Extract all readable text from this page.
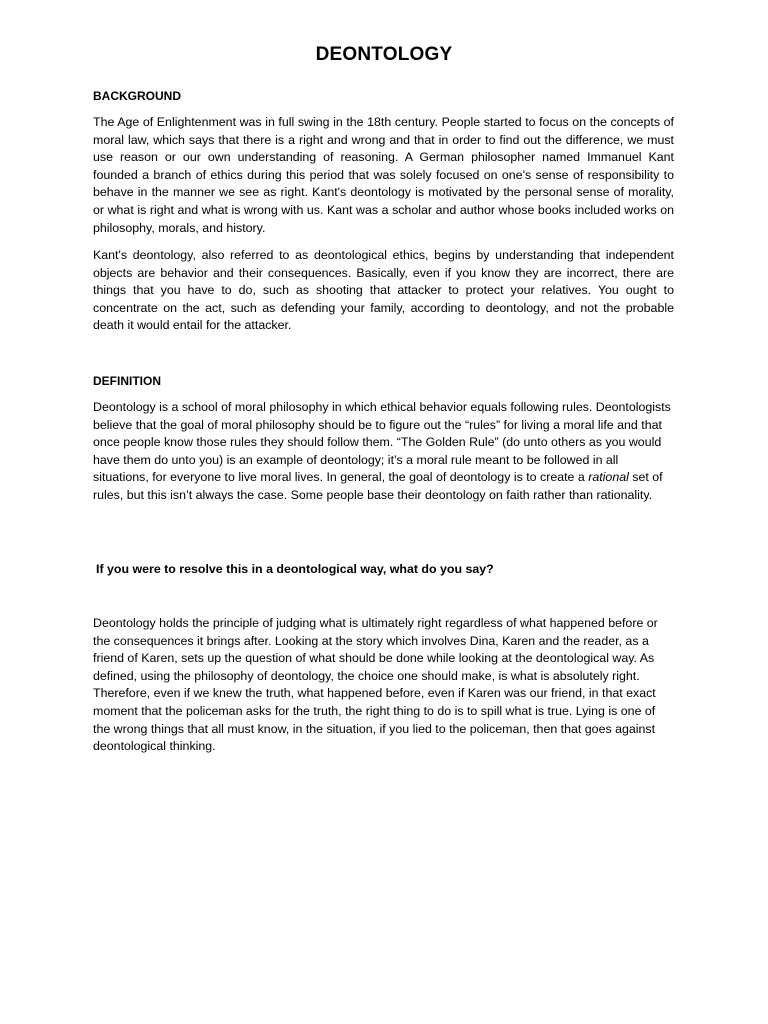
DEONTOLOGY
BACKGROUND

The Age of Enlightenment was in full swing in the 18th century. People started to focus on the concepts of moral law, which says that there is a right and wrong and that in order to find out the difference, we must use reason or our own understanding of reasoning. A German philosopher named Immanuel Kant founded a branch of ethics during this period that was solely focused on one's sense of responsibility to behave in the manner we see as right. Kant's deontology is motivated by the personal sense of morality, or what is right and what is wrong with us. Kant was a scholar and author whose books included works on philosophy, morals, and history.

Kant's deontology, also referred to as deontological ethics, begins by understanding that independent objects are behavior and their consequences. Basically, even if you know they are incorrect, there are things that you have to do, such as shooting that attacker to protect your relatives. You ought to concentrate on the act, such as defending your family, according to deontology, and not the probable death it would entail for the attacker.

DEFINITION

Deontology is a school of moral philosophy in which ethical behavior equals following rules. Deontologists believe that the goal of moral philosophy should be to figure out the “rules” for living a moral life and that once people know those rules they should follow them. “The Golden Rule” (do unto others as you would have them do unto you) is an example of deontology; it’s a moral rule meant to be followed in all situations, for everyone to live moral lives. In general, the goal of deontology is to create a rational set of rules, but this isn’t always the case. Some people base their deontology on faith rather than rationality.

If you were to resolve this in a deontological way, what do you say?

Deontology holds the principle of judging what is ultimately right regardless of what happened before or the consequences it brings after. Looking at the story which involves Dina, Karen and the reader, as a friend of Karen, sets up the question of what should be done while looking at the deontological way. As defined, using the philosophy of deontology, the choice one should make, is what is absolutely right. Therefore, even if we knew the truth, what happened before, even if Karen was our friend, in that exact moment that the policeman asks for the truth, the right thing to do is to spill what is true. Lying is one of the wrong things that all must know, in the situation, if you lied to the policeman, then that goes against deontological thinking.
